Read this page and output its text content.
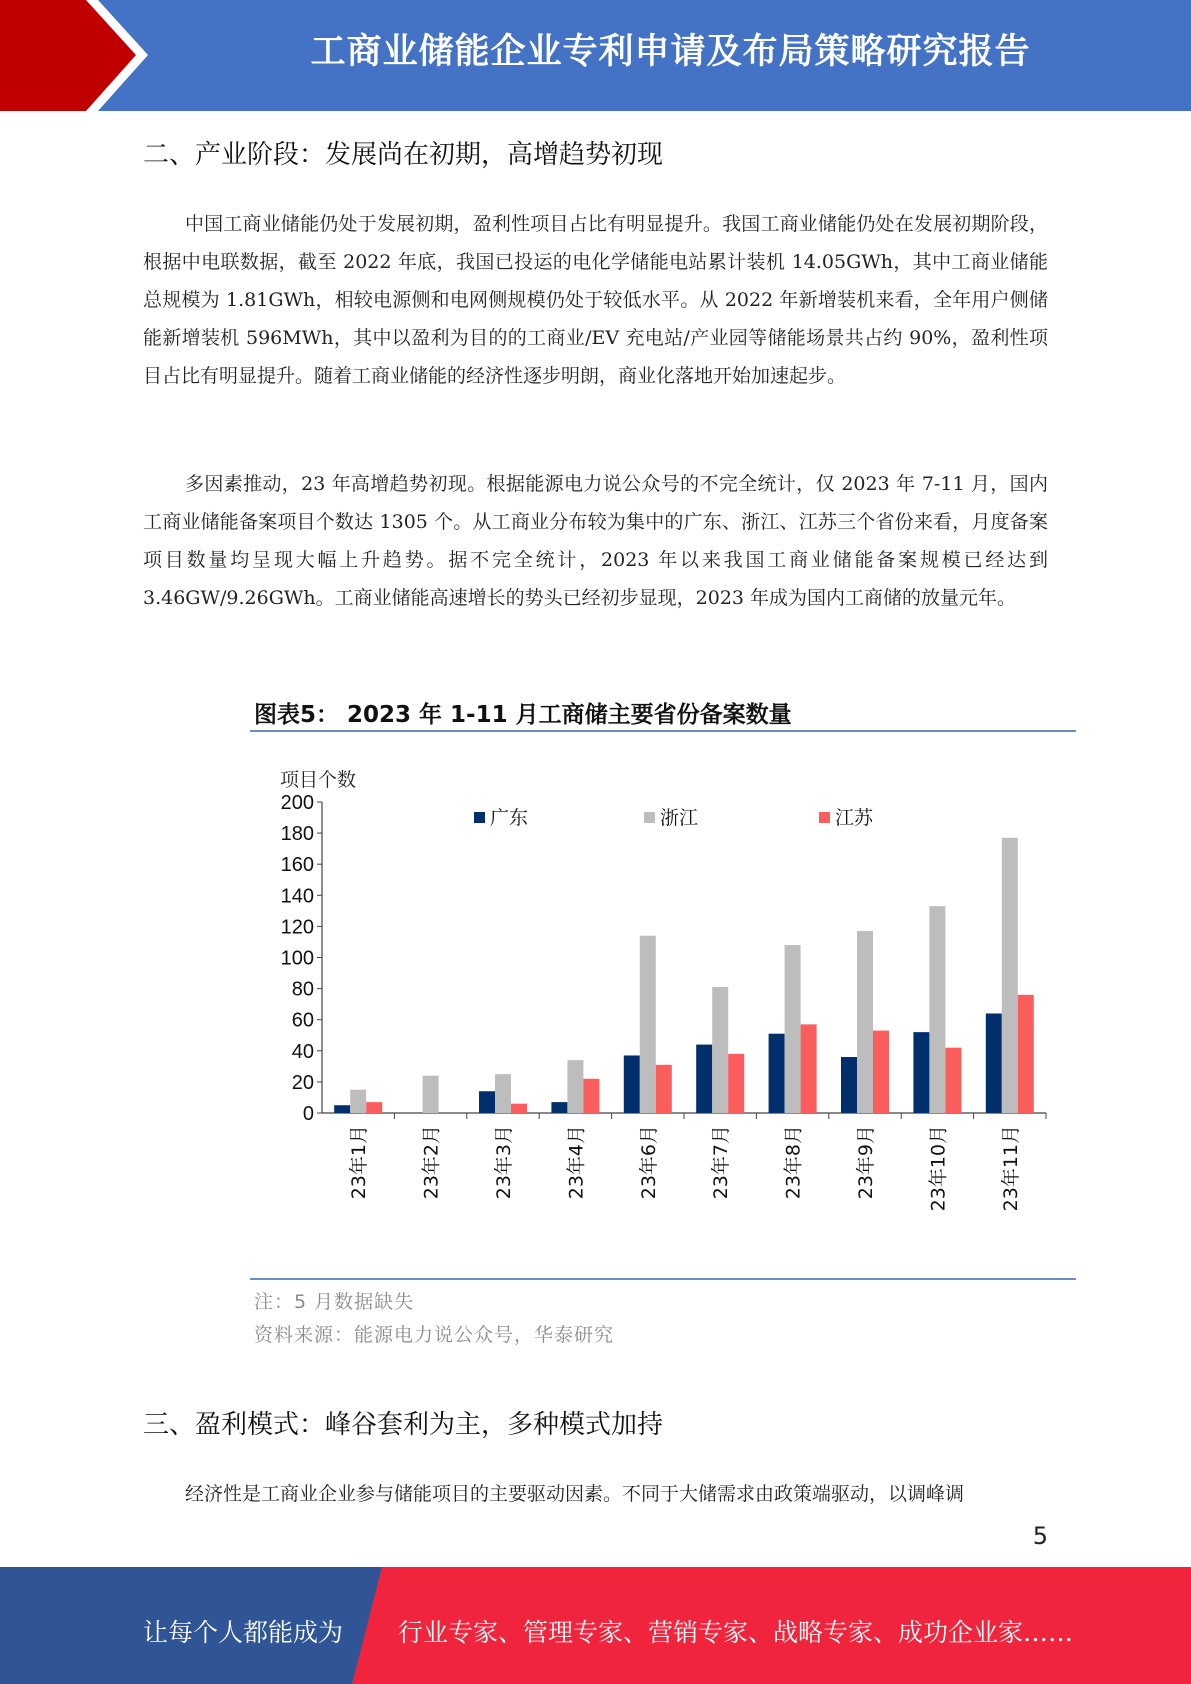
工商业储能企业专利申请及布局策略研究报告
二、产业阶段：发展尚在初期，高增趋势初现
中国工商业储能仍处于发展初期，盈利性项目占比有明显提升。我国工商业储能仍处在发展初期阶段，根据中电联数据，截至 2022 年底，我国已投运的电化学储能电站累计装机 14.05GWh，其中工商业储能总规模为 1.81GWh，相较电源侧和电网侧规模仍处于较低水平。从 2022 年新增装机来看，全年用户侧储能新增装机 596MWh，其中以盈利为目的的工商业/EV 充电站/产业园等储能场景共占约 90%，盈利性项目占比有明显提升。随着工商业储能的经济性逐步明朗，商业化落地开始加速起步。
多因素推动，23 年高增趋势初现。根据能源电力说公众号的不完全统计，仅 2023 年 7-11 月，国内工商业储能备案项目个数达 1305 个。从工商业分布较为集中的广东、浙江、江苏三个省份来看，月度备案项目数量均呈现大幅上升趋势。据不完全统计，2023 年以来我国工商业储能备案规模已经达到 3.46GW/9.26GWh。工商业储能高速增长的势头已经初步显现，2023 年成为国内工商储的放量元年。
图表5： 2023 年 1-11 月工商储主要省份备案数量
项目个数
0
20
40
60
80
100
120
140
160
180
200
23年1月	23年2月	23年3月	23年4月	23年6月	23年7月	23年8月	23年9月	23年10月	23年11月
广东	浙江	江苏
注：5 月数据缺失
资料来源：能源电力说公众号，华泰研究
三、盈利模式：峰谷套利为主，多种模式加持
经济性是工商业企业参与储能项目的主要驱动因素。不同于大储需求由政策端驱动，以调峰调
5
让每个人都能成为 行业专家、管理专家、营销专家、战略专家、成功企业家……
